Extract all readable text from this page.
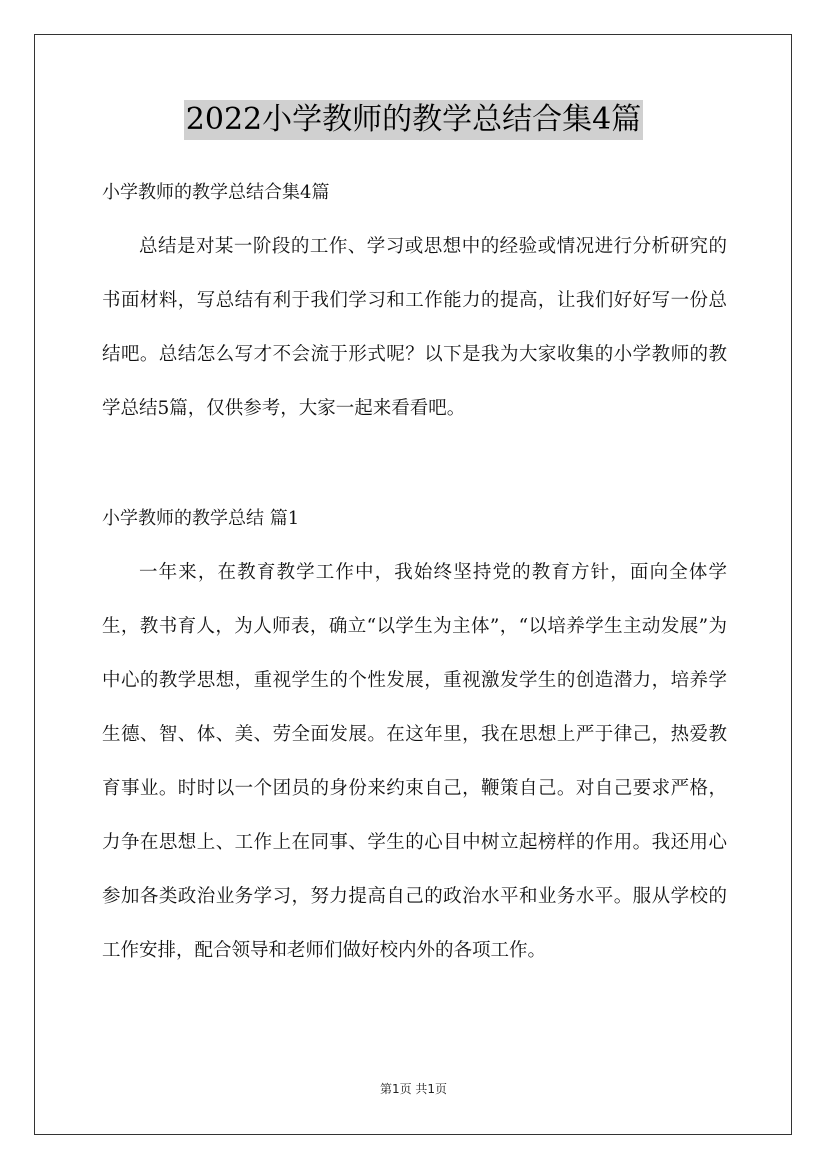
2022小学教师的教学总结合集4篇

小学教师的教学总结合集4篇

总结是对某一阶段的工作、学习或思想中的经验或情况进行分析研究的书面材料，写总结有利于我们学习和工作能力的提高，让我们好好写一份总结吧。总结怎么写才不会流于形式呢？以下是我为大家收集的小学教师的教学总结5篇，仅供参考，大家一起来看看吧。

小学教师的教学总结 篇1

一年来，在教育教学工作中，我始终坚持党的教育方针，面向全体学生，教书育人，为人师表，确立“以学生为主体”，“以培养学生主动发展”为中心的教学思想，重视学生的个性发展，重视激发学生的创造潜力，培养学生德、智、体、美、劳全面发展。在这年里，我在思想上严于律己，热爱教育事业。时时以一个团员的身份来约束自己，鞭策自己。对自己要求严格，力争在思想上、工作上在同事、学生的心目中树立起榜样的作用。我还用心参加各类政治业务学习，努力提高自己的政治水平和业务水平。服从学校的工作安排，配合领导和老师们做好校内外的各项工作。

第1页 共1页
